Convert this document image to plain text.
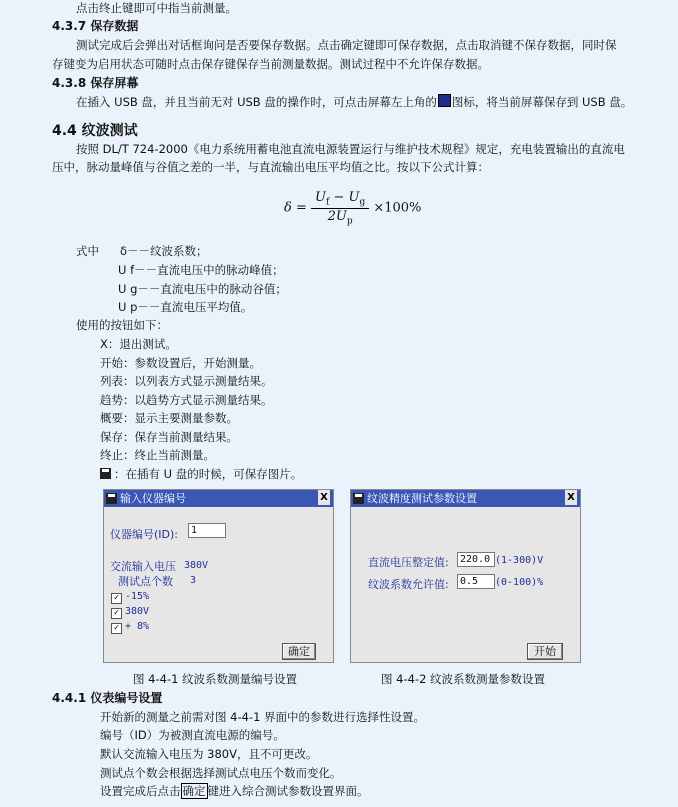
点击终止键即可中指当前测量。
4.3.7 保存数据
测试完成后会弹出对话框询问是否要保存数据。点击确定键即可保存数据，点击取消键不保存数据，同时保
存键变为启用状态可随时点击保存键保存当前测量数据。测试过程中不允许保存数据。
4.3.8 保存屏幕
在插入 USB 盘，并且当前无对 USB 盘的操作时，可点击屏幕左上角的 图标，将当前屏幕保存到 USB 盘。
4.4 纹波测试
按照 DL/T 724-2000《电力系统用蓄电池直流电源装置运行与维护技术规程》规定，充电装置输出的直流电
压中，脉动量峰值与谷值之差的一半，与直流输出电压平均值之比。按以下公式计算：
$\delta = \frac{U_f - U_g}{2U_p} \times 100\%$
式中 δ－－纹波系数；
U f－－直流电压中的脉动峰值；
U g－－直流电压中的脉动谷值；
U p－－直流电压平均值。
使用的按钮如下：
X：退出测试。
开始：参数设置后，开始测量。
列表：以列表方式显示测量结果。
趋势：以趋势方式显示测量结果。
概要：显示主要测量参数。
保存：保存当前测量结果。
终止：终止当前测量。
：在插有 U 盘的时候，可保存图片。
输入仪器编号	X
仪器编号(ID):	1
交流输入电压 380V
测试点个数 3
✓ -15%
✓ 380V
✓ + 8%
确定
纹波精度测试参数设置	X
直流电压整定值:	220.0 (1-300)V
纹波系数允许值:	0.5	(0-100)%
开始
图 4-4-1 纹波系数测量编号设置	图 4-4-2 纹波系数测量参数设置
4.4.1 仪表编号设置
开始新的测量之前需对图 4-4-1 界面中的参数进行选择性设置。
编号（ID）为被测直流电源的编号。
默认交流输入电压为 380V，且不可更改。
测试点个数会根据选择测试点电压个数而变化。
设置完成后点击 确定 键进入综合测试参数设置界面。
